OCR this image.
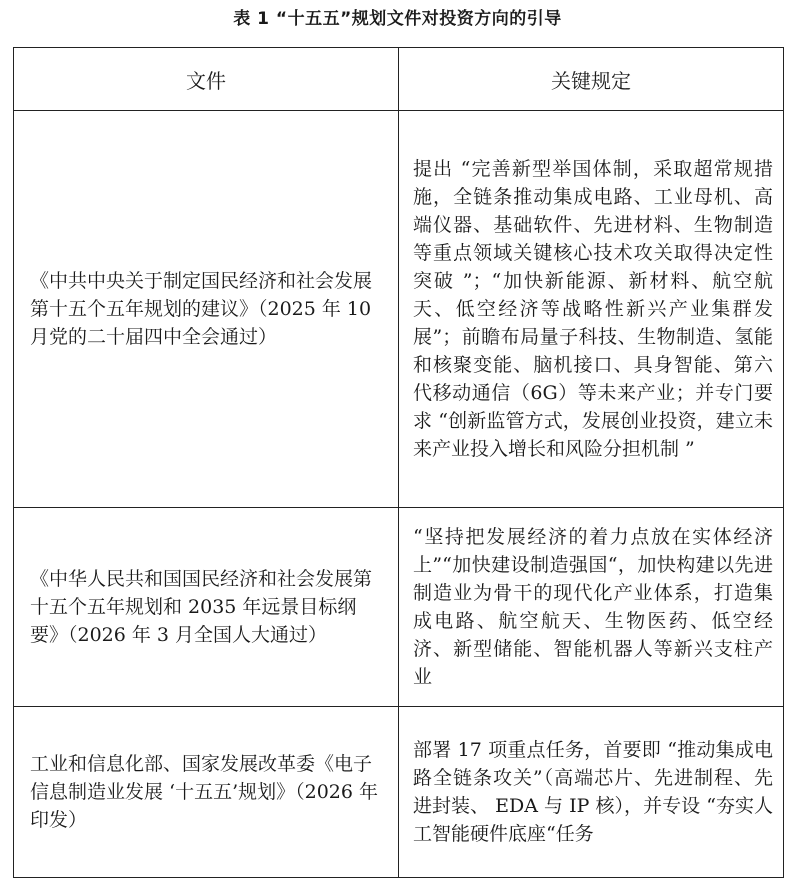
表 1 “十五五”规划文件对投资方向的引导
文件	关键规定
《中共中央关于制定国民经济和社会发展第十五个五年规划的建议》（2025 年 10 月党的二十届四中全会通过）	提出 “完善新型举国体制，采取超常规措施，全链条推动集成电路、工业母机、高端仪器、基础软件、先进材料、生物制造等重点领域关键核心技术攻关取得决定性突破 ”；“加快新能源、新材料、航空航天、低空经济等战略性新兴产业集群发展”；前瞻布局量子科技、生物制造、氢能和核聚变能、脑机接口、具身智能、第六代移动通信（6G）等未来产业；并专门要求 “创新监管方式，发展创业投资，建立未来产业投入增长和风险分担机制 ”

《中华人民共和国国民经济和社会发展第十五个五年规划和 2035 年远景目标纲要》（2026 年 3 月全国人大通过）	“坚持把发展经济的着力点放在实体经济上”“加快建设制造强国“，加快构建以先进制造业为骨干的现代化产业体系，打造集成电路、航空航天、生物医药、低空经济、新型储能、智能机器人等新兴支柱产业

工业和信息化部、国家发展改革委《电子信息制造业发展 ‘十五五’规划》（2026 年印发）	部署 17 项重点任务，首要即 “推动集成电路全链条攻关”（高端芯片、先进制程、先进封装、 EDA 与 IP 核），并专设 “夯实人工智能硬件底座“任务
